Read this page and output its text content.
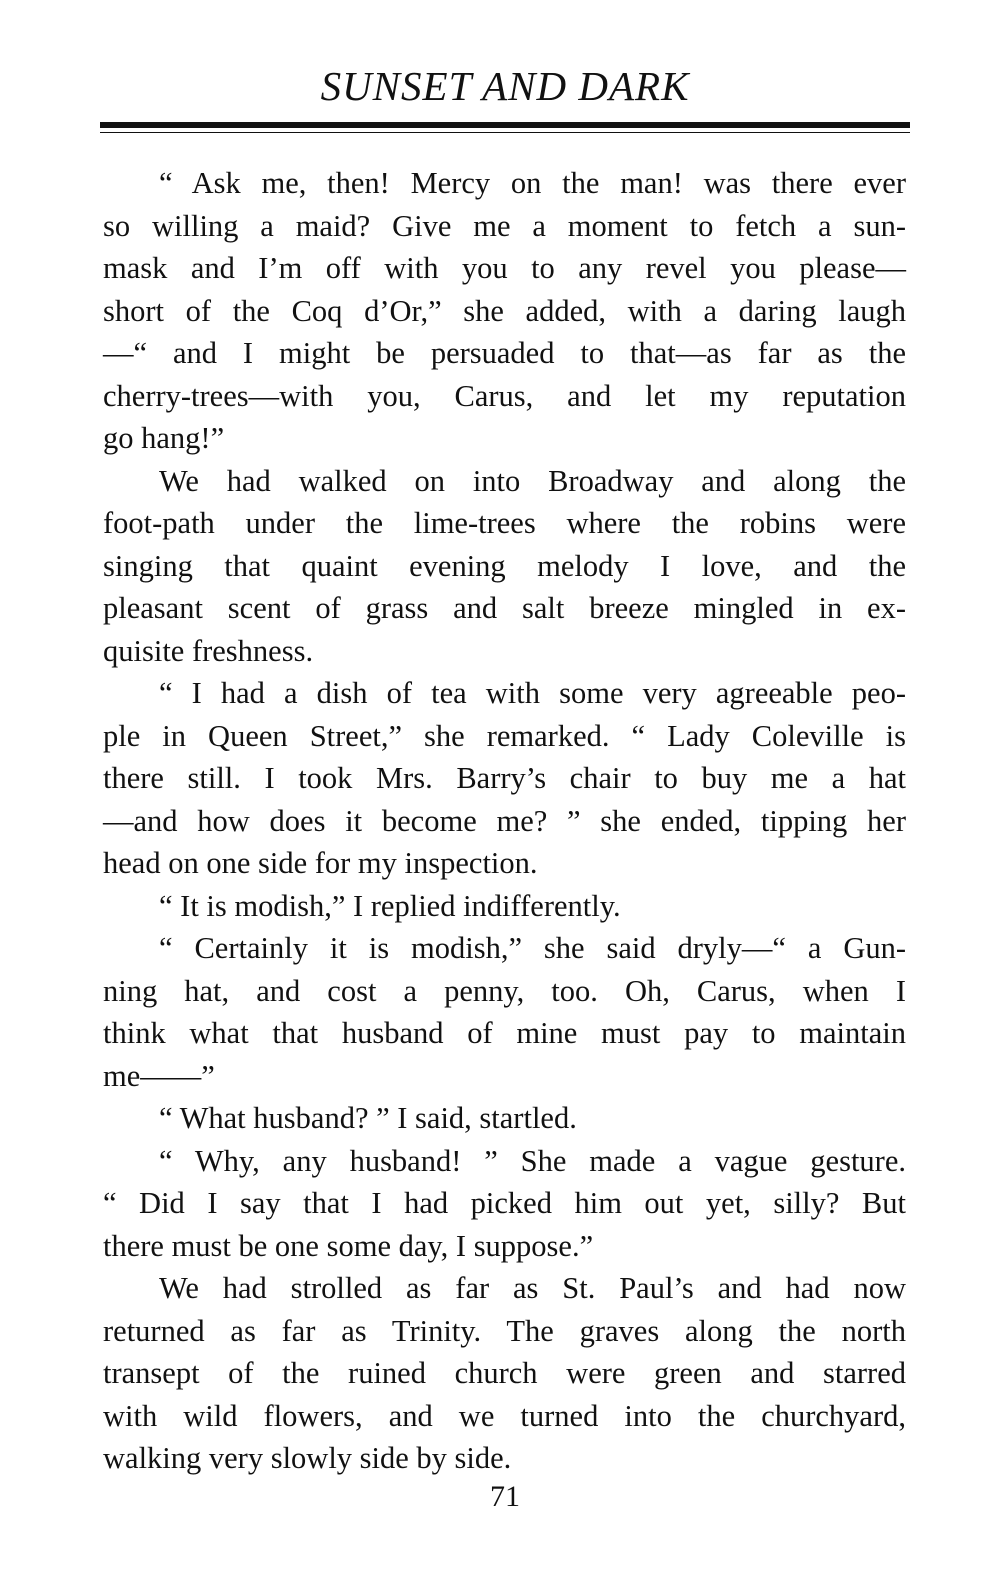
SUNSET AND DARK

“ Ask me, then! Mercy on the man! was there ever
so willing a maid? Give me a moment to fetch a sun-
mask and I’m off with you to any revel you please—
short of the Coq d’Or,” she added, with a daring laugh
—“ and I might be persuaded to that—as far as the
cherry-trees—with you, Carus, and let my reputation
go hang!”

We had walked on into Broadway and along the
foot-path under the lime-trees where the robins were
singing that quaint evening melody I love, and the
pleasant scent of grass and salt breeze mingled in ex-
quisite freshness.

“ I had a dish of tea with some very agreeable peo-
ple in Queen Street,” she remarked. “ Lady Coleville is
there still. I took Mrs. Barry’s chair to buy me a hat
—and how does it become me? ” she ended, tipping her
head on one side for my inspection.

“ It is modish,” I replied indifferently.

“ Certainly it is modish,” she said dryly—“ a Gun-
ning hat, and cost a penny, too. Oh, Carus, when I
think what that husband of mine must pay to maintain
me——”

“ What husband? ” I said, startled.

“ Why, any husband! ” She made a vague gesture.
“ Did I say that I had picked him out yet, silly? But
there must be one some day, I suppose.”

We had strolled as far as St. Paul’s and had now
returned as far as Trinity. The graves along the north
transept of the ruined church were green and starred
with wild flowers, and we turned into the churchyard,
walking very slowly side by side.

71
